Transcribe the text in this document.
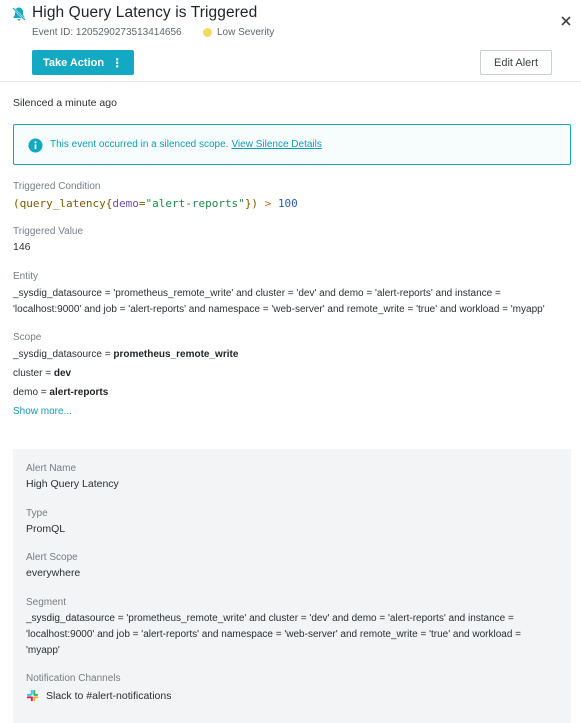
High Query Latency is Triggered
Event ID: 1205290273513414656	Low Severity
Take Action ⋮	Edit Alert
Silenced a minute ago
This event occurred in a silenced scope. View Silence Details
Triggered Condition
(query_latency{demo="alert-reports"}) > 100
Triggered Value
146
Entity
_sysdig_datasource = 'prometheus_remote_write' and cluster = 'dev' and demo = 'alert-reports' and instance =
'localhost:9000' and job = 'alert-reports' and namespace = 'web-server' and remote_write = 'true' and workload = 'myapp'
Scope
_sysdig_datasource = prometheus_remote_write
cluster = dev
demo = alert-reports
Show more...
Alert Name
High Query Latency
Type
PromQL
Alert Scope
everywhere
Segment
_sysdig_datasource = 'prometheus_remote_write' and cluster = 'dev' and demo = 'alert-reports' and instance =
'localhost:9000' and job = 'alert-reports' and namespace = 'web-server' and remote_write = 'true' and workload =
'myapp'
Notification Channels
Slack to #alert-notifications
